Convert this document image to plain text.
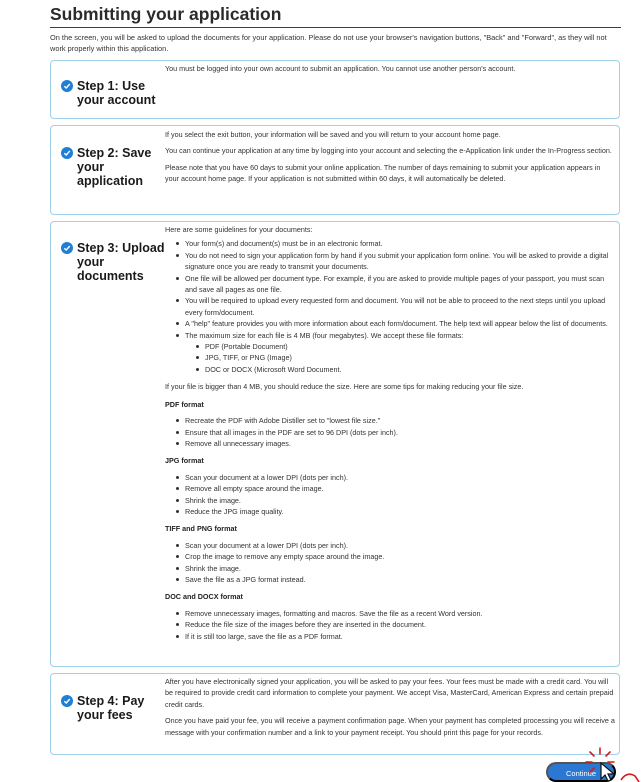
Submitting your application

On the screen, you will be asked to upload the documents for your application. Please do not use your browser's navigation buttons, "Back" and "Forward", as they will not work properly within this application.

Step 1: Use your account

You must be logged into your own account to submit an application. You cannot use another person's account.

Step 2: Save your application

If you select the exit button, your information will be saved and you will return to your account home page.

You can continue your application at any time by logging into your account and selecting the e-Application link under the In-Progress section.

Please note that you have 60 days to submit your online application. The number of days remaining to submit your application appears in your account home page. If your application is not submitted within 60 days, it will automatically be deleted.

Step 3: Upload your documents

Here are some guidelines for your documents:

Your form(s) and document(s) must be in an electronic format.
You do not need to sign your application form by hand if you submit your application form online. You will be asked to provide a digital signature once you are ready to transmit your documents.
One file will be allowed per document type. For example, if you are asked to provide multiple pages of your passport, you must scan and save all pages as one file.
You will be required to upload every requested form and document. You will not be able to proceed to the next steps until you upload every form/document.
A "help" feature provides you with more information about each form/document. The help text will appear below the list of documents.
The maximum size for each file is 4 MB (four megabytes). We accept these file formats:
PDF (Portable Document)
JPG, TIFF, or PNG (Image)
DOC or DOCX (Microsoft Word Document.

If your file is bigger than 4 MB, you should reduce the size. Here are some tips for making reducing your file size.

PDF format

Recreate the PDF with Adobe Distiller set to "lowest file size."
Ensure that all images in the PDF are set to 96 DPI (dots per inch).
Remove all unnecessary images.

JPG format

Scan your document at a lower DPI (dots per inch).
Remove all empty space around the image.
Shrink the image.
Reduce the JPG image quality.

TIFF and PNG format

Scan your document at a lower DPI (dots per inch).
Crop the image to remove any empty space around the image.
Shrink the image.
Save the file as a JPG format instead.

DOC and DOCX format

Remove unnecessary images, formatting and macros. Save the file as a recent Word version.
Reduce the file size of the images before they are inserted in the document.
If it is still too large, save the file as a PDF format.
Step 4: Pay your fees

After you have electronically signed your application, you will be asked to pay your fees. Your fees must be made with a credit card. You will be required to provide credit card information to complete your payment. We accept Visa, MasterCard, American Express and certain prepaid credit cards.

Once you have paid your fee, you will receive a payment confirmation page. When your payment has completed processing you will receive a message with your confirmation number and a link to your payment receipt. You should print this page for your records.

Continue
